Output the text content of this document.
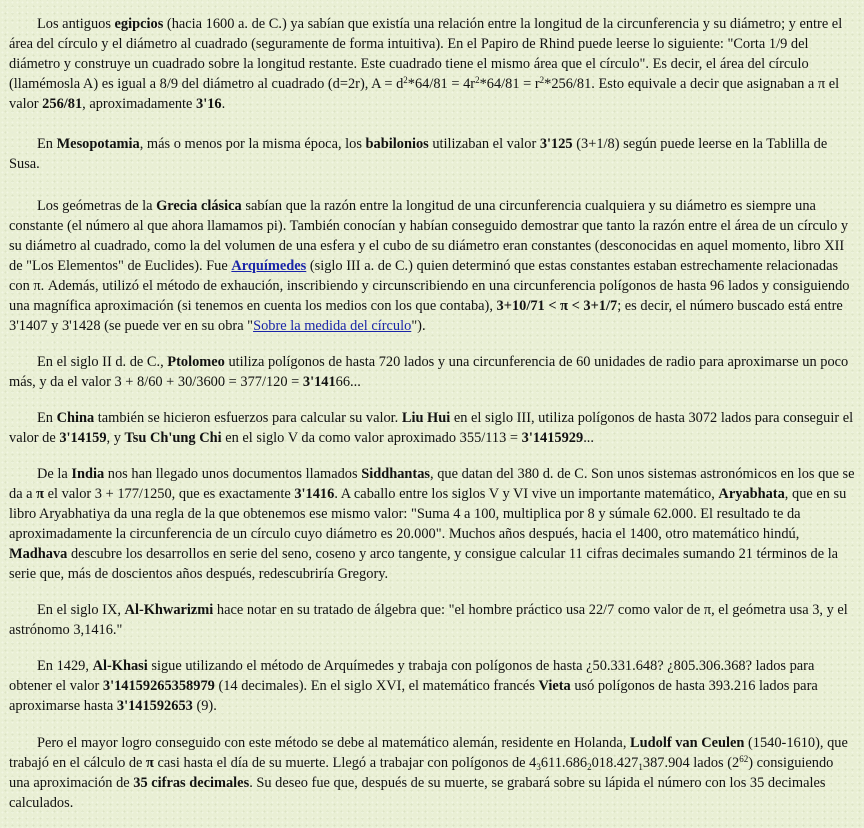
Los antiguos egipcios (hacia 1600 a. de C.) ya sabían que existía una relación entre la longitud de la circunferencia y su diámetro; y entre el área del círculo y el diámetro al cuadrado (seguramente de forma intuitiva). En el Papiro de Rhind puede leerse lo siguiente: "Corta 1/9 del diámetro y construye un cuadrado sobre la longitud restante. Este cuadrado tiene el mismo área que el círculo". Es decir, el área del círculo (llamémosla A) es igual a 8/9 del diámetro al cuadrado (d=2r), $A = d^2*64/81 = 4r^2*64/81 = r^2*256/81$. Esto equivale a decir que asignaban a π el valor 256/81, aproximadamente 3'16.

En Mesopotamia, más o menos por la misma época, los babilonios utilizaban el valor 3'125 (3+1/8) según puede leerse en la Tablilla de Susa.

Los geómetras de la Grecia clásica sabían que la razón entre la longitud de una circunferencia cualquiera y su diámetro es siempre una constante (el número al que ahora llamamos pi). También conocían y habían conseguido demostrar que tanto la razón entre el área de un círculo y su diámetro al cuadrado, como la del volumen de una esfera y el cubo de su diámetro eran constantes (desconocidas en aquel momento, libro XII de "Los Elementos" de Euclides). Fue Arquímedes (siglo III a. de C.) quien determinó que estas constantes estaban estrechamente relacionadas con π. Además, utilizó el método de exhaución, inscribiendo y circunscribiendo en una circunferencia polígonos de hasta 96 lados y consiguiendo una magnífica aproximación (si tenemos en cuenta los medios con los que contaba), 3+10/71 < π < 3+1/7; es decir, el número buscado está entre 3'1407 y 3'1428 (se puede ver en su obra "Sobre la medida del círculo").

En el siglo II d. de C., Ptolomeo utiliza polígonos de hasta 720 lados y una circunferencia de 60 unidades de radio para aproximarse un poco más, y da el valor 3 + 8/60 + 30/3600 = 377/120 = 3'14166...

En China también se hicieron esfuerzos para calcular su valor. Liu Hui en el siglo III, utiliza polígonos de hasta 3072 lados para conseguir el valor de 3'14159, y Tsu Ch'ung Chi en el siglo V da como valor aproximado 355/113 = 3'1415929...

De la India nos han llegado unos documentos llamados Siddhantas, que datan del 380 d. de C. Son unos sistemas astronómicos en los que se da a π el valor 3 + 177/1250, que es exactamente 3'1416. A caballo entre los siglos V y VI vive un importante matemático, Aryabhata, que en su libro Aryabhatiya da una regla de la que obtenemos ese mismo valor: "Suma 4 a 100, multiplica por 8 y súmale 62.000. El resultado te da aproximadamente la circunferencia de un círculo cuyo diámetro es 20.000". Muchos años después, hacia el 1400, otro matemático hindú, Madhava descubre los desarrollos en serie del seno, coseno y arco tangente, y consigue calcular 11 cifras decimales sumando 21 términos de la serie que, más de doscientos años después, redescubriría Gregory.

En el siglo IX, Al-Khwarizmi hace notar en su tratado de álgebra que: "el hombre práctico usa 22/7 como valor de π, el geómetra usa 3, y el astrónomo 3,1416."

En 1429, Al-Khasi sigue utilizando el método de Arquímedes y trabaja con polígonos de hasta ¿50.331.648? ¿805.306.368? lados para obtener el valor 3'14159265358979 (14 decimales). En el siglo XVI, el matemático francés Vieta usó polígonos de hasta 393.216 lados para aproximarse hasta 3'141592653 (9).

Pero el mayor logro conseguido con este método se debe al matemático alemán, residente en Holanda, Ludolf van Ceulen (1540-1610), que trabajó en el cálculo de π casi hasta el día de su muerte. Llegó a trabajar con polígonos de $4_3611.686_2018.427_1387.904$ lados $(2^{62})$ consiguiendo una aproximación de 35 cifras decimales. Su deseo fue que, después de su muerte, se grabará sobre su lápida el número con los 35 decimales calculados.
